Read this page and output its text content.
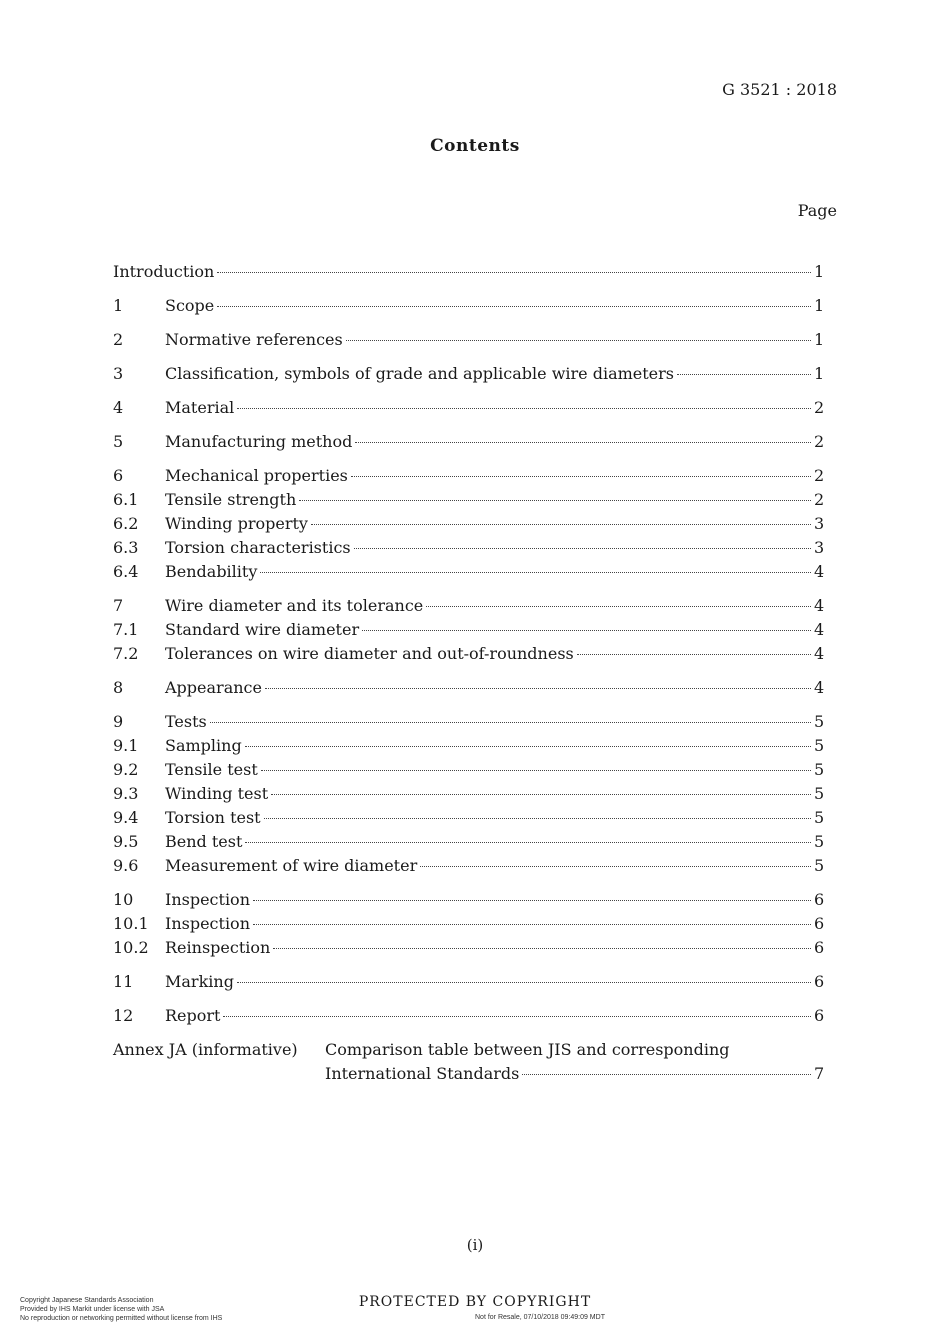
G 3521 : 2018
Contents
Page
Introduction	1
1	Scope	1
2	Normative references	1
3	Classification, symbols of grade and applicable wire diameters	1
4	Material	2
5	Manufacturing method	2
6	Mechanical properties	2
6.1	Tensile strength	2
6.2	Winding property	3
6.3	Torsion characteristics	3
6.4	Bendability	4
7	Wire diameter and its tolerance	4
7.1	Standard wire diameter	4
7.2	Tolerances on wire diameter and out-of-roundness	4
8	Appearance	4
9	Tests	5
9.1	Sampling	5
9.2	Tensile test	5
9.3	Winding test	5
9.4	Torsion test	5
9.5	Bend test	5
9.6	Measurement of wire diameter	5
10	Inspection	6
10.1	Inspection	6
10.2	Reinspection	6
11	Marking	6
12	Report	6
Annex JA (informative)	Comparison table between JIS and corresponding
International Standards	7
(i)
Copyright Japanese Standards Association
Provided by IHS Markit under license with JSA
No reproduction or networking permitted without license from IHS
PROTECTED BY COPYRIGHT
Not for Resale, 07/10/2018 09:49:09 MDT
